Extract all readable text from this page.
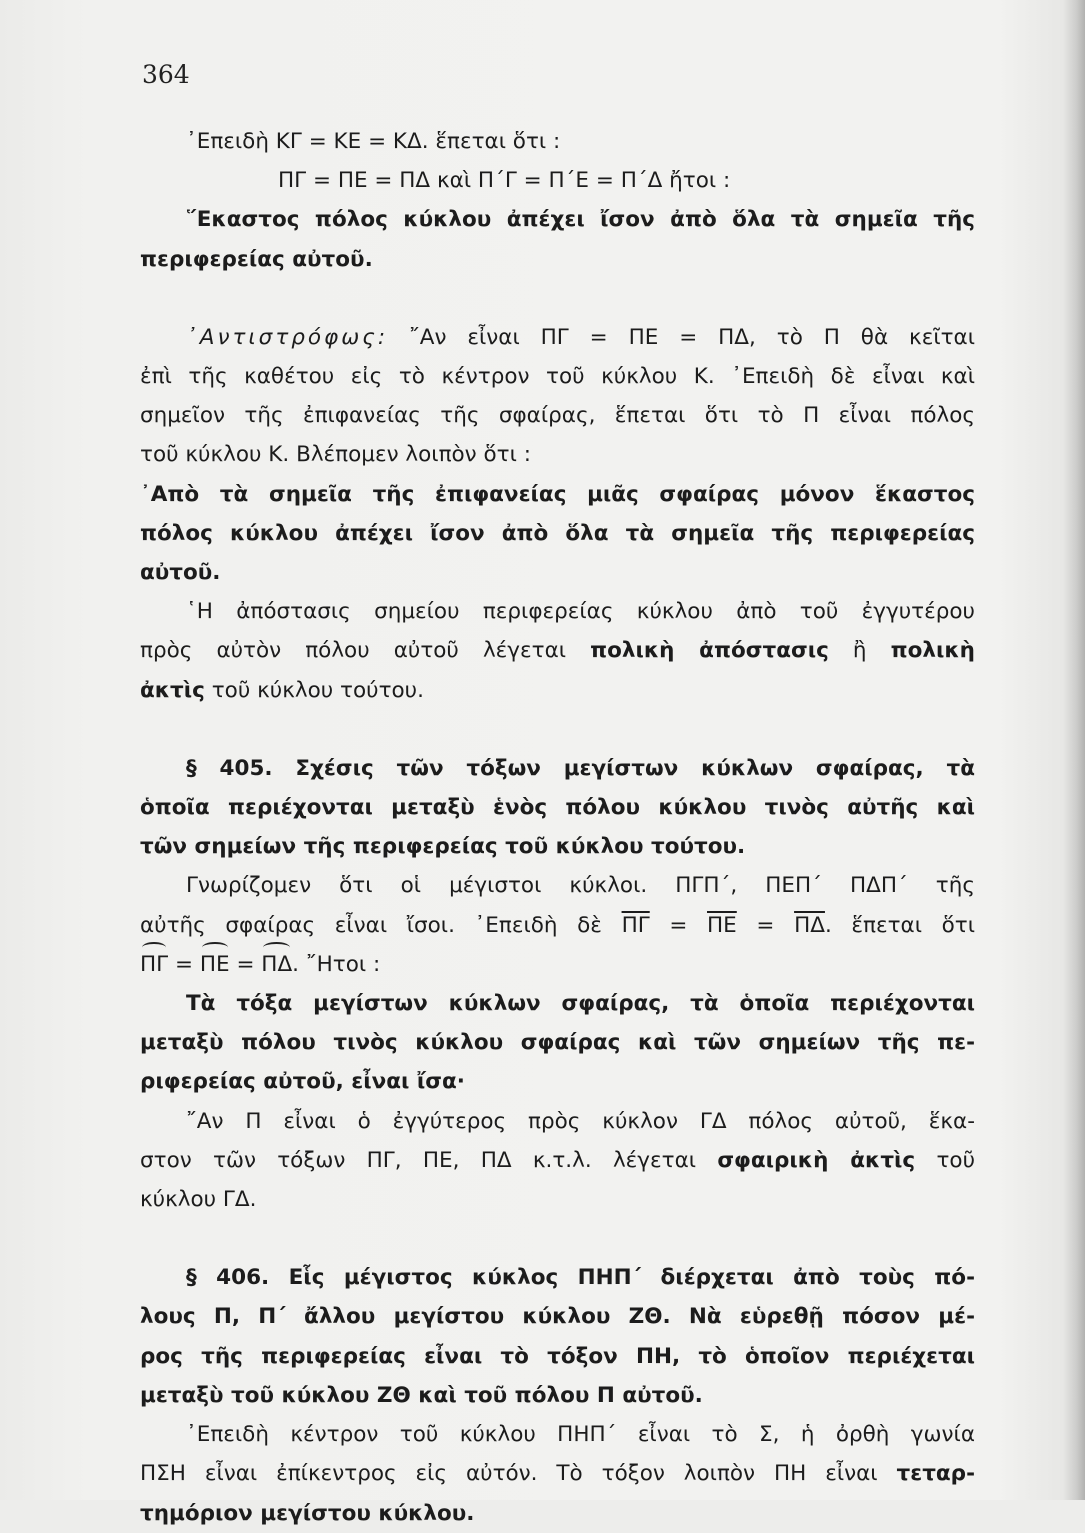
364
᾿Επειδὴ ΚΓ = ΚΕ = ΚΔ. ἕπεται ὅτι :
ΠΓ = ΠΕ = ΠΔ καὶ Π΄Γ = Π΄Ε = Π΄Δ ἤτοι :
῞Εκαστος πόλος κύκλου ἀπέχει ἴσον ἀπὸ ὅλα τὰ σημεῖα τῆς
περιφερείας αὐτοῦ.
᾿Αντιστρόφως: ῎Αν εἶναι ΠΓ = ΠΕ = ΠΔ, τὸ Π θὰ κεῖται
ἐπὶ τῆς καθέτου εἰς τὸ κέντρον τοῦ κύκλου Κ. ᾿Επειδὴ δὲ εἶναι καὶ
σημεῖον τῆς ἐπιφανείας τῆς σφαίρας, ἕπεται ὅτι τὸ Π εἶναι πόλος
τοῦ κύκλου Κ. Βλέπομεν λοιπὸν ὅτι :
᾿Απὸ τὰ σημεῖα τῆς ἐπιφανείας μιᾶς σφαίρας μόνον ἕκαστος
πόλος κύκλου ἀπέχει ἴσον ἀπὸ ὅλα τὰ σημεῖα τῆς περιφερείας
αὐτοῦ.
῾Η ἀπόστασις σημείου περιφερείας κύκλου ἀπὸ τοῦ ἐγγυτέρου
πρὸς αὐτὸν πόλου αὐτοῦ λέγεται πολικὴ ἀπόστασις ἢ πολικὴ
ἀκτὶς τοῦ κύκλου τούτου.
§ 405. Σχέσις τῶν τόξων μεγίστων κύκλων σφαίρας, τὰ
ὁποῖα περιέχονται μεταξὺ ἑνὸς πόλου κύκλου τινὸς αὐτῆς καὶ
τῶν σημείων τῆς περιφερείας τοῦ κύκλου τούτου.
Γνωρίζομεν ὅτι οἱ μέγιστοι κύκλοι. ΠΓΠ΄, ΠΕΠ΄ ΠΔΠ΄ τῆς
αὐτῆς σφαίρας εἶναι ἴσοι. ᾿Επειδὴ δὲ $\overline{\Pi\Gamma} = \overline{\Pi E} = \overline{\Pi\Delta}$. ἕπεται ὅτι
ΠΓ = ΠΕ = ΠΔ. ῎Ητοι :
Τὰ τόξα μεγίστων κύκλων σφαίρας, τὰ ὁποῖα περιέχονται
μεταξὺ πόλου τινὸς κύκλου σφαίρας καὶ τῶν σημείων τῆς πε-
ριφερείας αὐτοῦ, εἶναι ἴσα·
῎Αν Π εἶναι ὁ ἐγγύτερος πρὸς κύκλον ΓΔ πόλος αὐτοῦ, ἕκα-
στον τῶν τόξων ΠΓ, ΠΕ, ΠΔ κ.τ.λ. λέγεται σφαιρικὴ ἀκτὶς τοῦ
κύκλου ΓΔ.
§ 406. Εἷς μέγιστος κύκλος ΠΗΠ΄ διέρχεται ἀπὸ τοὺς πό-
λους Π, Π΄ ἄλλου μεγίστου κύκλου ΖΘ. Νὰ εὑρεθῇ πόσον μέ-
ρος τῆς περιφερείας εἶναι τὸ τόξον ΠΗ, τὸ ὁποῖον περιέχεται
μεταξὺ τοῦ κύκλου ΖΘ καὶ τοῦ πόλου Π αὐτοῦ.
᾿Επειδὴ κέντρον τοῦ κύκλου ΠΗΠ΄ εἶναι τὸ Σ, ἡ ὀρθὴ γωνία
ΠΣΗ εἶναι ἐπίκεντρος εἰς αὐτόν. Τὸ τόξον λοιπὸν ΠΗ εἶναι τεταρ-
τημόριον μεγίστου κύκλου.
